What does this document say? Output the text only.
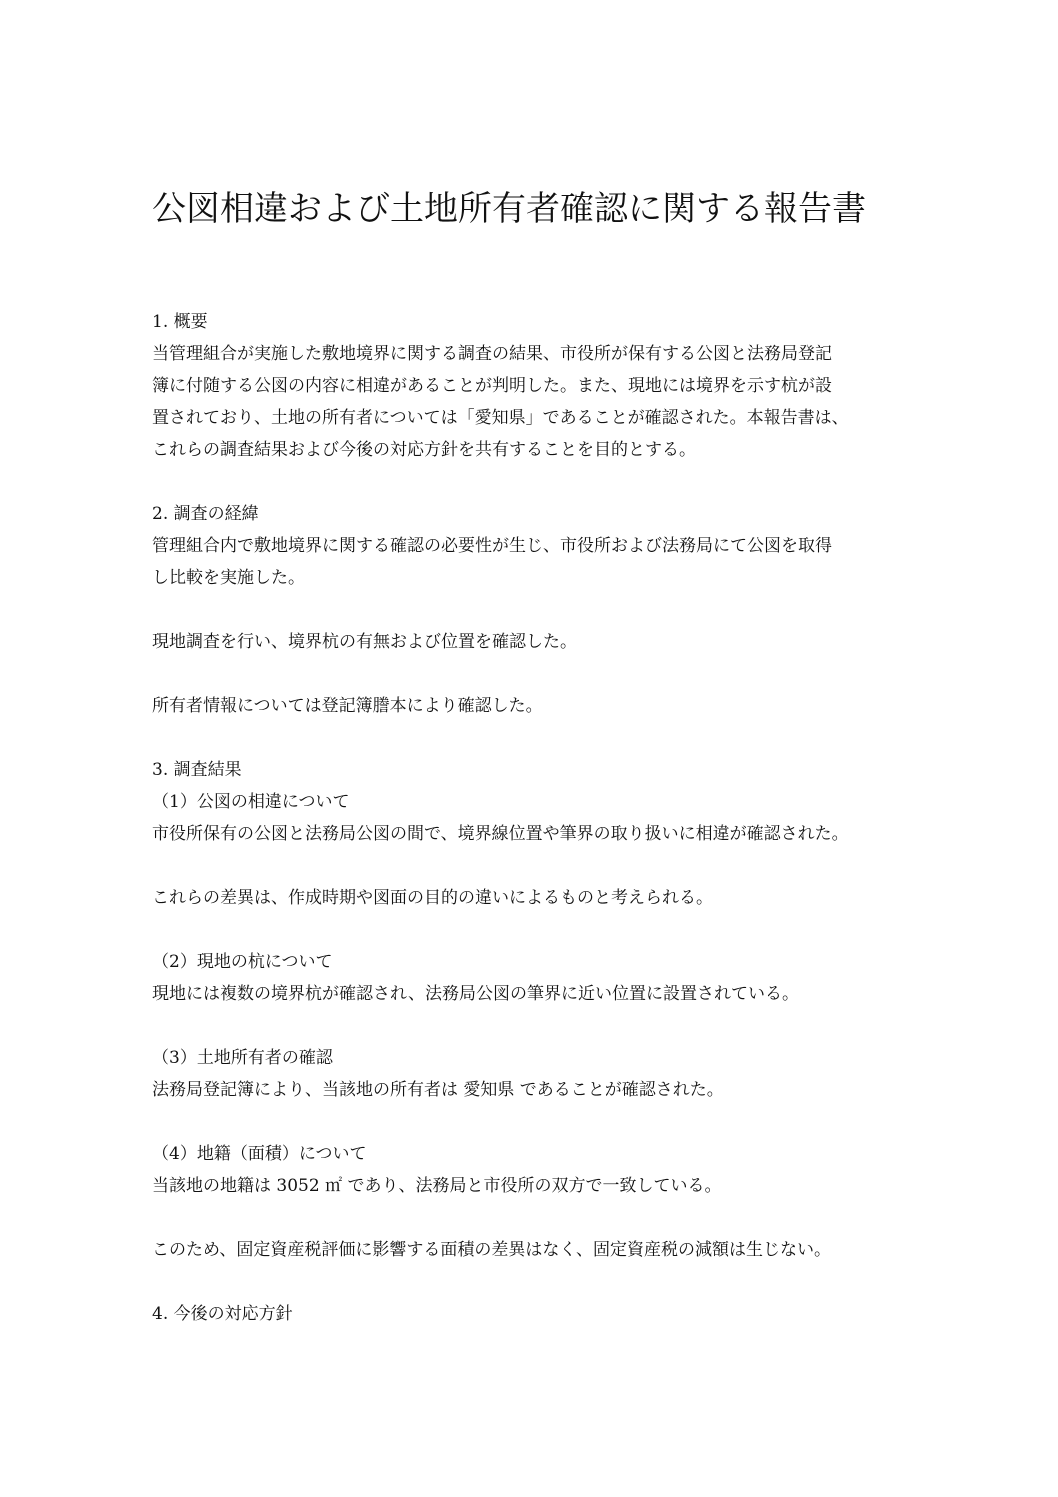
公図相違および土地所有者確認に関する報告書
1. 概要
当管理組合が実施した敷地境界に関する調査の結果、市役所が保有する公図と法務局登記
簿に付随する公図の内容に相違があることが判明した。また、現地には境界を示す杭が設
置されており、土地の所有者については「愛知県」であることが確認された。本報告書は、
これらの調査結果および今後の対応方針を共有することを目的とする。
2. 調査の経緯
管理組合内で敷地境界に関する確認の必要性が生じ、市役所および法務局にて公図を取得
し比較を実施した。
現地調査を行い、境界杭の有無および位置を確認した。
所有者情報については登記簿謄本により確認した。
3. 調査結果
（1）公図の相違について
市役所保有の公図と法務局公図の間で、境界線位置や筆界の取り扱いに相違が確認された。
これらの差異は、作成時期や図面の目的の違いによるものと考えられる。
（2）現地の杭について
現地には複数の境界杭が確認され、法務局公図の筆界に近い位置に設置されている。
（3）土地所有者の確認
法務局登記簿により、当該地の所有者は 愛知県 であることが確認された。
（4）地籍（面積）について
当該地の地籍は 3052 ㎡ であり、法務局と市役所の双方で一致している。
このため、固定資産税評価に影響する面積の差異はなく、固定資産税の減額は生じない。
4. 今後の対応方針
